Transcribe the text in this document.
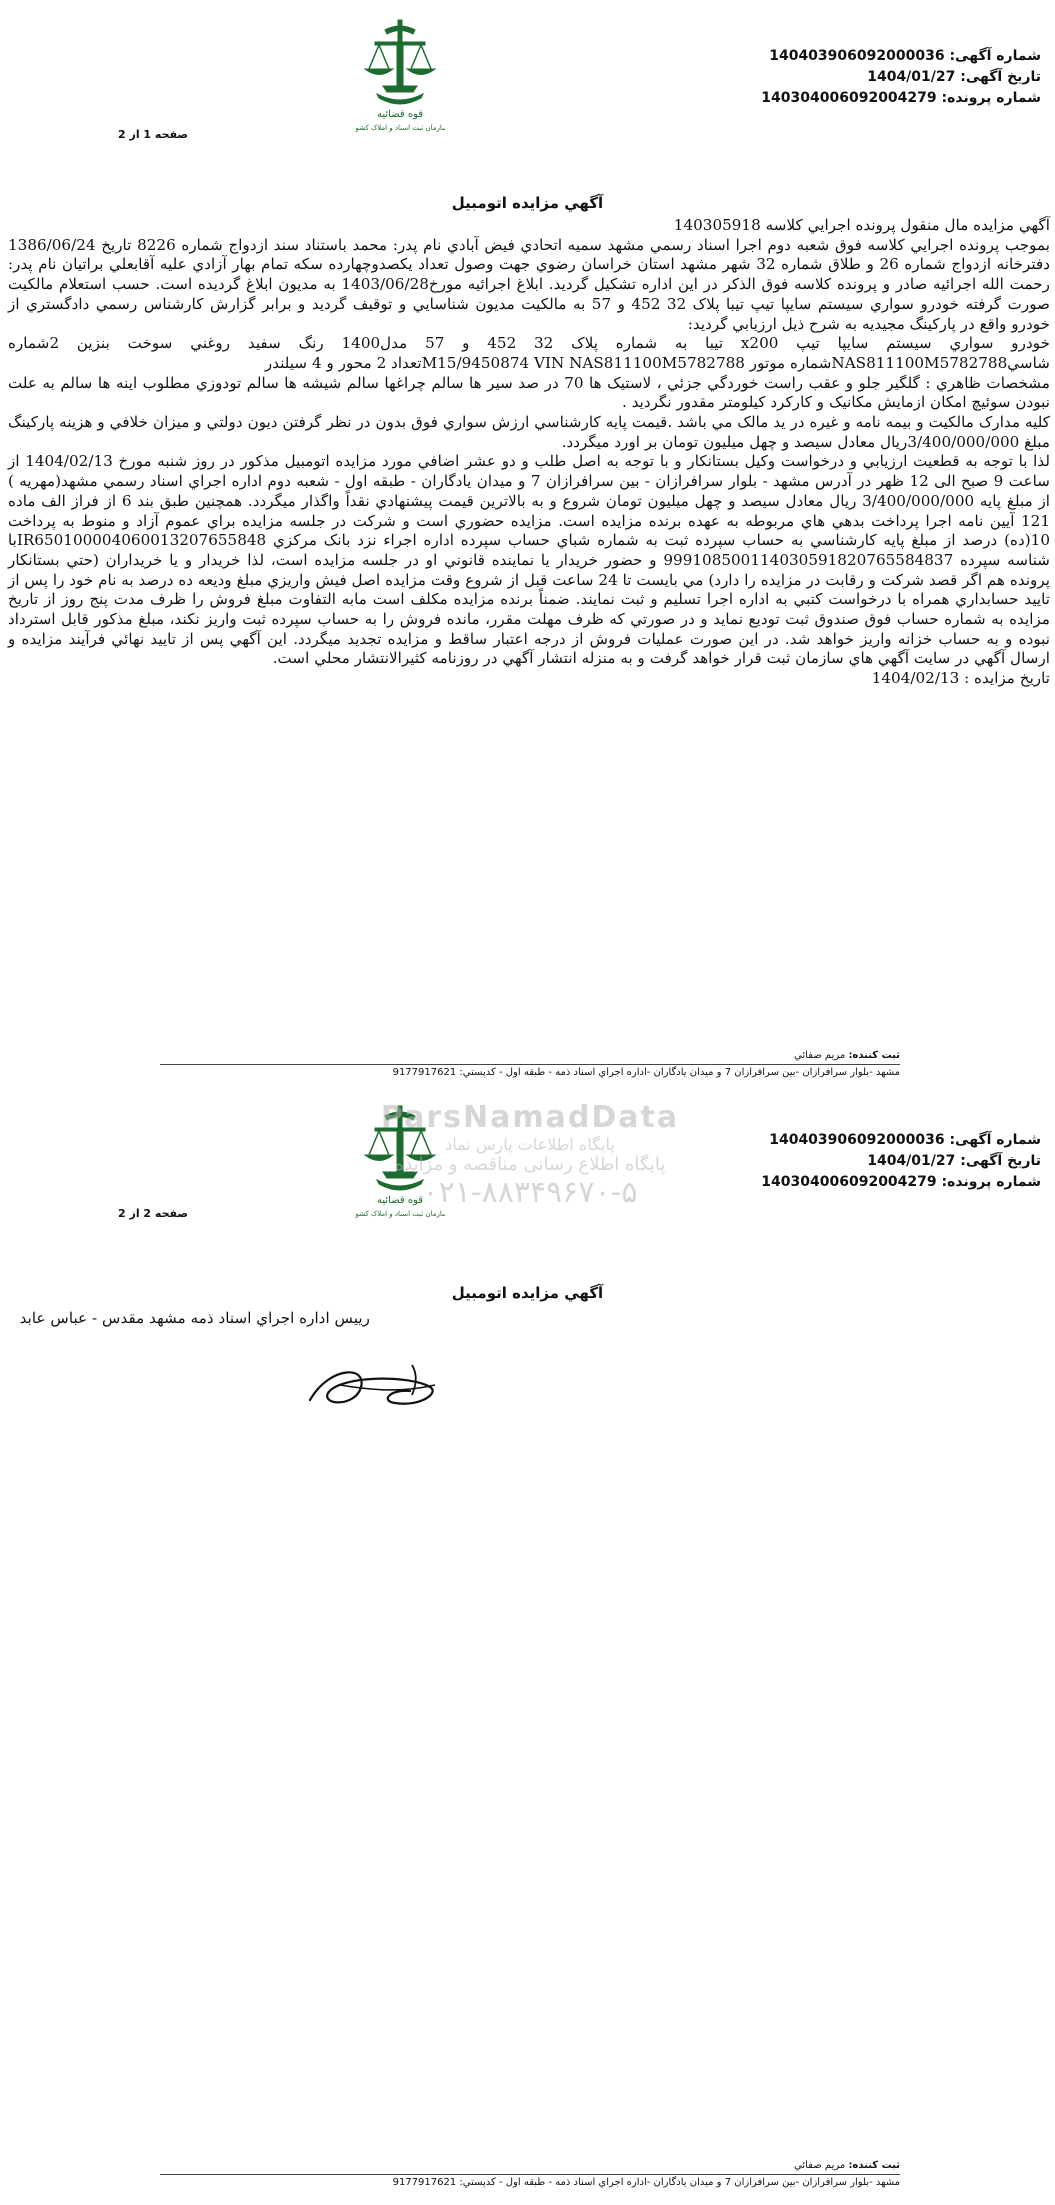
قوه قضائیه
سازمان ثبت اسناد و املاک کشور
شماره آگهی: 140403906092000036
تاریخ آگهی: 1404/01/27
شماره پرونده: 140304006092004279
صفحه 1 از 2
آگهي مزايده اتومبيل

آگهي مزايده مال منقول پرونده اجرايي كلاسه 140305918

بموجب پرونده اجرايي كلاسه فوق شعبه دوم اجرا اسناد رسمي مشهد سميه اتحادي فيض آبادي نام پدر: محمد باستناد سند ازدواج شماره 8226 تاريخ 1386/06/24 دفترخانه ازدواج شماره 26 و طلاق شماره 32 شهر مشهد استان خراسان رضوي جهت وصول تعداد يكصدوچهارده سكه تمام بهار آزادي عليه آقابعلي براتيان نام پدر: رحمت الله اجرائيه صادر و پرونده كلاسه فوق الذكر در اين اداره تشكيل گرديد. ابلاغ اجرائيه مورخ1403/06/28 به مديون ابلاغ گرديده است. حسب استعلام مالكيت صورت گرفته خودرو سواري سيستم سايپا تيپ تيبا پلاک 32 452 و 57 به مالكيت مديون شناسايي و توقيف گرديد و برابر گزارش كارشناس رسمي دادگستري از خودرو واقع در پاركينگ مجيديه به شرح ذيل ارزيابي گرديد:

خودرو سواري سيستم سايپا تيپ x200 تيبا به شماره پلاک 32 452 و 57 مدل1400 رنگ سفيد روغني سوخت بنزين 2شماره شاسيNAS811100M5782788شماره موتور M15/9450874 VIN NAS811100M5782788تعداد 2 محور و 4 سيلندر

مشخصات ظاهري : گلگير جلو و عقب راست خوردگي جزئي ، لاستيک ها 70 در صد سير ها سالم چراغها سالم شيشه ها سالم تودوزي مطلوب اينه ها سالم به علت نبودن سوئيچ امكان ازمايش مكانيک و كاركرد كيلومتر مقدور نگرديد .

كليه مدارک مالكيت و بيمه نامه و غيره در يد مالک مي باشد .قيمت پايه كارشناسي ارزش سواري فوق بدون در نظر گرفتن ديون دولتي و ميزان خلافي و هزينه پاركينگ مبلغ 3/400/000/000ريال معادل سيصد و چهل ميليون تومان بر اورد ميگردد.

لذا با توجه به قطعيت ارزيابي و درخواست وكيل بستانكار و با توجه به اصل طلب و دو عشر اضافي مورد مزايده اتومبيل مذكور در روز شنبه مورخ 1404/02/13 از ساعت 9 صبح الی 12 ظهر در آدرس مشهد - بلوار سرافرازان - بين سرافرازان 7 و ميدان يادگاران - طبقه اول - شعبه دوم اداره اجراي اسناد رسمي مشهد(مهريه ) از مبلغ پايه 3/400/000/000 ريال معادل سيصد و چهل ميليون تومان شروع و به بالاترين قيمت پيشنهادي نقداً واگذار ميگردد. همچنين طبق بند 6 از فراز الف ماده 121 آيين نامه اجرا پرداخت بدهي هاي مربوطه به عهده برنده مزايده است. مزايده حضوري است و شركت در جلسه مزايده براي عموم آزاد و منوط به پرداخت 10(ده) درصد از مبلغ پايه كارشناسي به حساب سپرده ثبت به شماره شباي حساب سپرده اداره اجراء نزد بانک مركزي IR650100004060013207655848با شناسه سپرده 999108500114030591820765584837 و حضور خريدار يا نماينده قانوني او در جلسه مزايده است، لذا خريدار و يا خريداران (حتي بستانكار پرونده هم اگر قصد شركت و رقابت در مزايده را دارد) مي بايست تا 24 ساعت قبل از شروع وقت مزايده اصل فيش واريزي مبلغ وديعه ده درصد به نام خود را پس از تاييد حسابداري همراه با درخواست كتبي به اداره اجرا تسليم و ثبت نمايند. ضمناً برنده مزايده مكلف است مابه التفاوت مبلغ فروش را ظرف مدت پنج روز از تاريخ مزايده به شماره حساب فوق صندوق ثبت توديع نمايد و در صورتي كه ظرف مهلت مقرر، مانده فروش را به حساب سپرده ثبت واريز نكند، مبلغ مذكور قابل استرداد نبوده و به حساب خزانه واريز خواهد شد. در اين صورت عمليات فروش از درجه اعتبار ساقط و مزايده تجديد ميگردد. اين آگهي پس از تاييد نهائي فرآيند مزايده و ارسال آگهي در سايت آگهي هاي سازمان ثبت قرار خواهد گرفت و به منزله انتشار آگهي در روزنامه كثيرالانتشار محلي است.

تاريخ مزايده : 1404/02/13

ثبت كننده: مريم صفائي
مشهد -بلوار سرافرازان -بين سرافرازان 7 و ميدان يادگاران -اداره اجراي اسناد ذمه - طبقه اول - كدپستي: 9177917621
قوه قضائیه
سازمان ثبت اسناد و املاک کشور
شماره آگهی: 140403906092000036
تاریخ آگهی: 1404/01/27
شماره پرونده: 140304006092004279
صفحه 2 از 2
آگهي مزايده اتومبيل
رييس اداره اجراي اسناد ذمه مشهد مقدس - عباس عابد
ثبت كننده: مريم صفائي
مشهد -بلوار سرافرازان -بين سرافرازان 7 و ميدان يادگاران -اداره اجراي اسناد ذمه - طبقه اول - كدپستي: 9177917621
ParsNamadData
پایگاه اطلاعات پارس نماد
پایگاه اطلاع رسانی مناقصه و مزایده
۰۲۱-۸۸۳۴۹۶۷۰-۵
